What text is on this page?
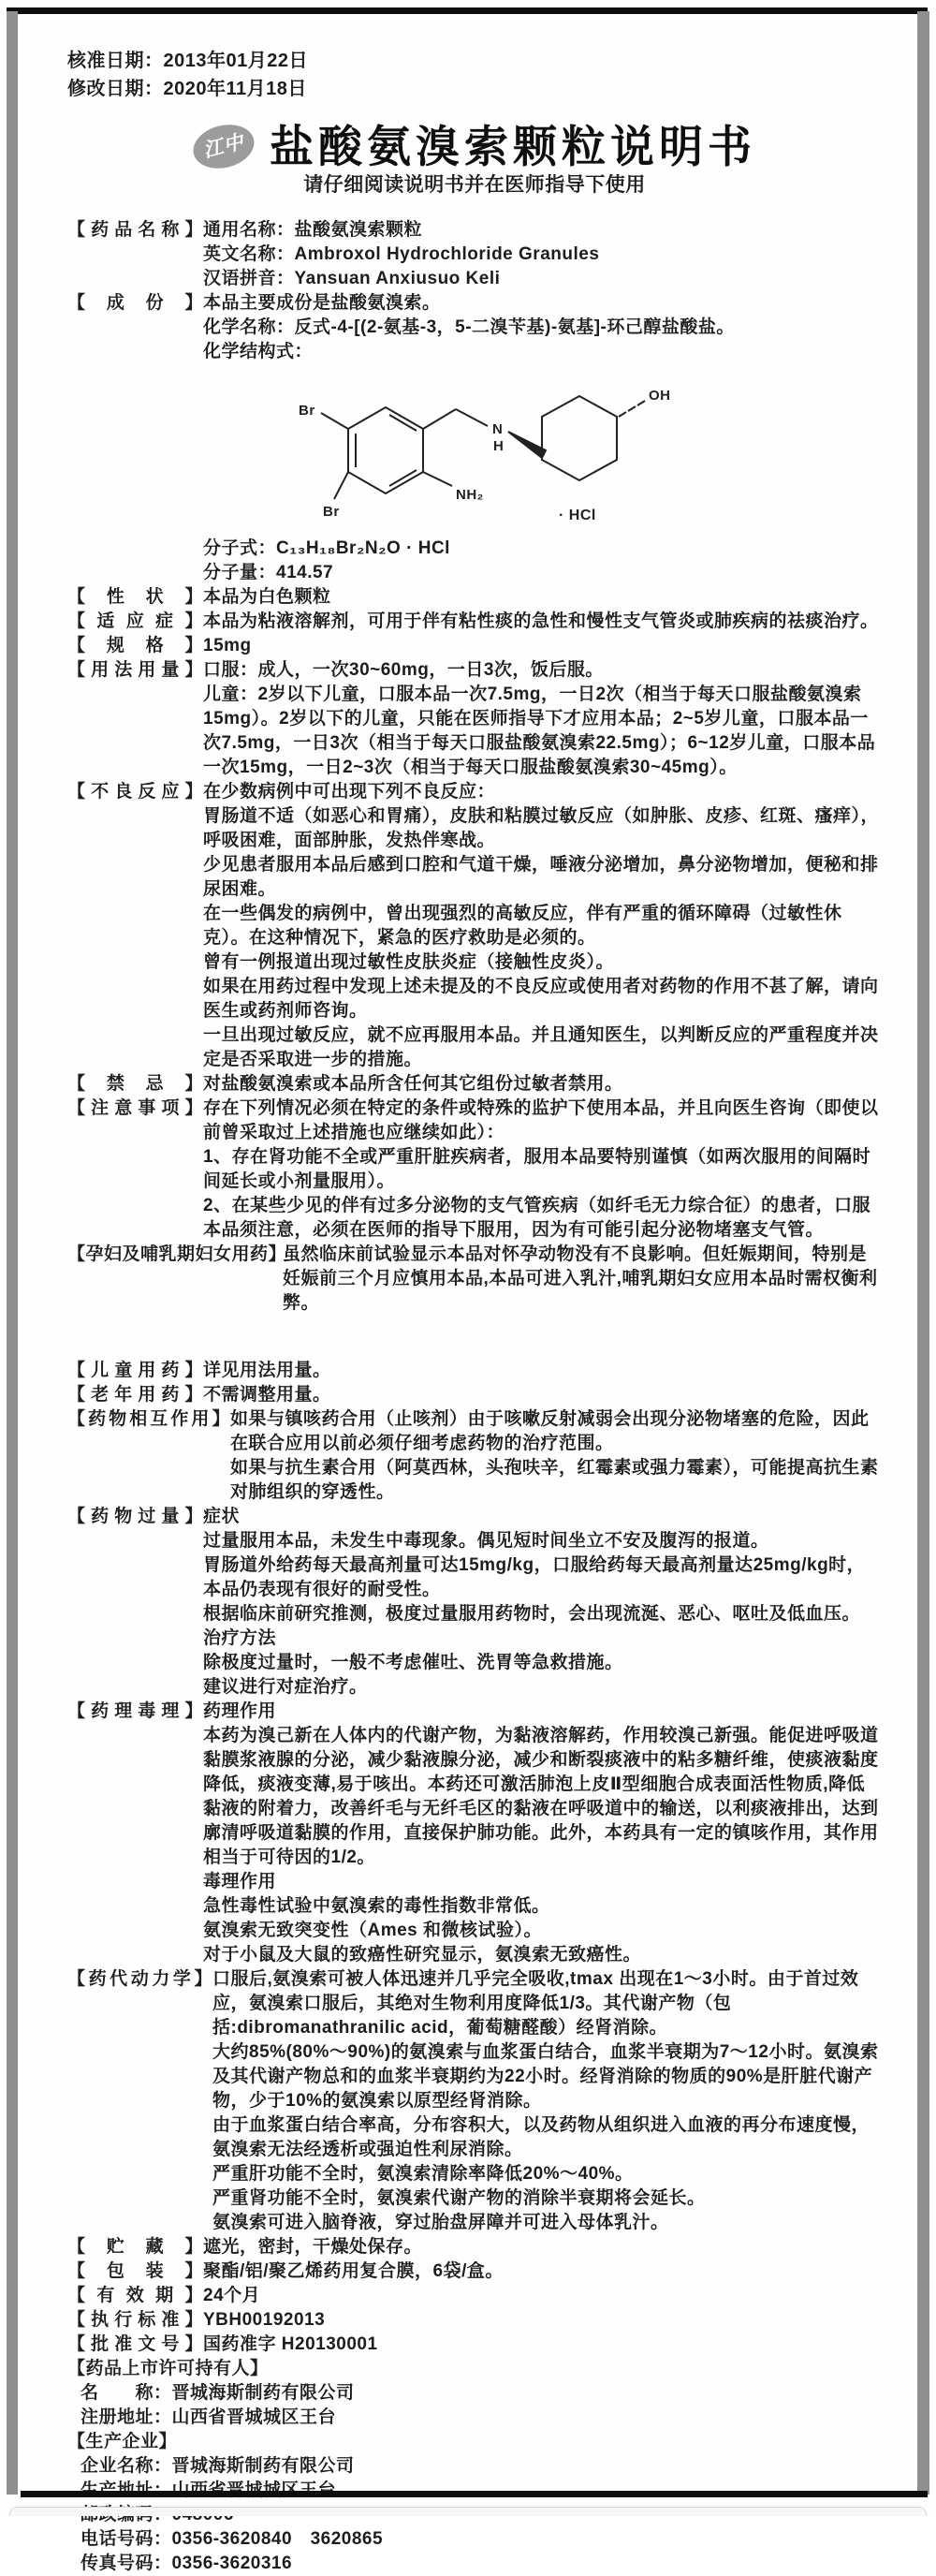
核准日期：2013年01月22日
修改日期：2020年11月18日
江中 盐酸氨溴索颗粒说明书
请仔细阅读说明书并在医师指导下使用
【药品名称】 通用名称：盐酸氨溴索颗粒
英文名称：Ambroxol Hydrochloride Granules
汉语拼音：Yansuan Anxiusuo Keli
【成份】 本品主要成份是盐酸氨溴索。
化学名称：反式-4-[(2-氨基-3，5-二溴苄基)-氨基]-环己醇盐酸盐。
化学结构式：
Br
Br
NH₂
N
H
OH
· HCl
分子式：C₁₃H₁₈Br₂N₂O · HCl
分子量：414.57
【性状】 本品为白色颗粒
【适应症】 本品为粘液溶解剂，可用于伴有粘性痰的急性和慢性支气管炎或肺疾病的祛痰治疗。
【规格】 15mg
【用法用量】 口服：成人，一次30~60mg，一日3次，饭后服。
儿童：2岁以下儿童，口服本品一次7.5mg，一日2次（相当于每天口服盐酸氨溴索15mg）。2岁以下的儿童，只能在医师指导下才应用本品；2~5岁儿童，口服本品一次7.5mg，一日3次（相当于每天口服盐酸氨溴索22.5mg）；6~12岁儿童，口服本品一次15mg，一日2~3次（相当于每天口服盐酸氨溴索30~45mg）。
【不良反应】 在少数病例中可出现下列不良反应：
胃肠道不适（如恶心和胃痛），皮肤和粘膜过敏反应（如肿胀、皮疹、红斑、瘙痒），呼吸困难，面部肿胀，发热伴寒战。
少见患者服用本品后感到口腔和气道干燥，唾液分泌增加，鼻分泌物增加，便秘和排尿困难。
在一些偶发的病例中，曾出现强烈的高敏反应，伴有严重的循环障碍（过敏性休克）。在这种情况下，紧急的医疗救助是必须的。
曾有一例报道出现过敏性皮肤炎症（接触性皮炎）。
如果在用药过程中发现上述未提及的不良反应或使用者对药物的作用不甚了解，请向医生或药剂师咨询。
一旦出现过敏反应，就不应再服用本品。并且通知医生，以判断反应的严重程度并决定是否采取进一步的措施。
【禁忌】 对盐酸氨溴索或本品所含任何其它组份过敏者禁用。
【注意事项】 存在下列情况必须在特定的条件或特殊的监护下使用本品，并且向医生咨询（即使以前曾采取过上述措施也应继续如此）：
1、存在肾功能不全或严重肝脏疾病者，服用本品要特别谨慎（如两次服用的间隔时间延长或小剂量服用）。
2、在某些少见的伴有过多分泌物的支气管疾病（如纤毛无力综合征）的患者，口服本品须注意，必须在医师的指导下服用，因为有可能引起分泌物堵塞支气管。
【孕妇及哺乳期妇女用药】
虽然临床前试验显示本品对怀孕动物没有不良影响。但妊娠期间，特别是妊娠前三个月应慎用本品,本品可进入乳汁,哺乳期妇女应用本品时需权衡利弊。
【儿童用药】 详见用法用量。
【老年用药】 不需调整用量。
【药物相互作用】 如果与镇咳药合用（止咳剂）由于咳嗽反射减弱会出现分泌物堵塞的危险，因此在联合应用以前必须仔细考虑药物的治疗范围。
如果与抗生素合用（阿莫西林，头孢呋辛，红霉素或强力霉素），可能提高抗生素对肺组织的穿透性。
【药物过量】 症状
过量服用本品，未发生中毒现象。偶见短时间坐立不安及腹泻的报道。
胃肠道外给药每天最高剂量可达15mg/kg，口服给药每天最高剂量达25mg/kg时，本品仍表现有很好的耐受性。
根据临床前研究推测，极度过量服用药物时，会出现流涎、恶心、呕吐及低血压。
治疗方法
除极度过量时，一般不考虑催吐、洗胃等急救措施。
建议进行对症治疗。
【药理毒理】 药理作用
本药为溴己新在人体内的代谢产物，为黏液溶解药，作用较溴己新强。能促进呼吸道黏膜浆液腺的分泌，减少黏液腺分泌，减少和断裂痰液中的粘多糖纤维，使痰液黏度降低，痰液变薄,易于咳出。本药还可激活肺泡上皮Ⅱ型细胞合成表面活性物质,降低黏液的附着力，改善纤毛与无纤毛区的黏液在呼吸道中的输送，以利痰液排出，达到廓清呼吸道黏膜的作用，直接保护肺功能。此外，本药具有一定的镇咳作用，其作用相当于可待因的1/2。
毒理作用
急性毒性试验中氨溴索的毒性指数非常低。
氨溴索无致突变性（Ames 和微核试验）。
对于小鼠及大鼠的致癌性研究显示，氨溴索无致癌性。
【药代动力学】 口服后,氨溴索可被人体迅速并几乎完全吸收,tmax 出现在1～3小时。由于首过效应，氨溴索口服后，其绝对生物利用度降低1/3。其代谢产物（包括:dibromanathranilic acid，葡萄糖醛酸）经肾消除。
大约85%(80%～90%)的氨溴索与血浆蛋白结合，血浆半衰期为7～12小时。氨溴索及其代谢产物总和的血浆半衰期约为22小时。经肾消除的物质的90%是肝脏代谢产物，少于10%的氨溴索以原型经肾消除。
由于血浆蛋白结合率高，分布容积大，以及药物从组织进入血液的再分布速度慢，氨溴索无法经透析或强迫性利尿消除。
严重肝功能不全时，氨溴索清除率降低20%～40%。
严重肾功能不全时，氨溴索代谢产物的消除半衰期将会延长。
氨溴索可进入脑脊液，穿过胎盘屏障并可进入母体乳汁。
【贮藏】 遮光，密封，干燥处保存。
【包装】 聚酯/铝/聚乙烯药用复合膜，6袋/盒。
【有效期】 24个月
【执行标准】 YBH00192013
【批准文号】 国药准字 H20130001
【药品上市许可持有人】
名　　称：晋城海斯制药有限公司
注册地址：山西省晋城城区王台
【生产企业】
企业名称：晋城海斯制药有限公司
电话号码：0356-3620840　3620865
传真号码：0356-3620316
